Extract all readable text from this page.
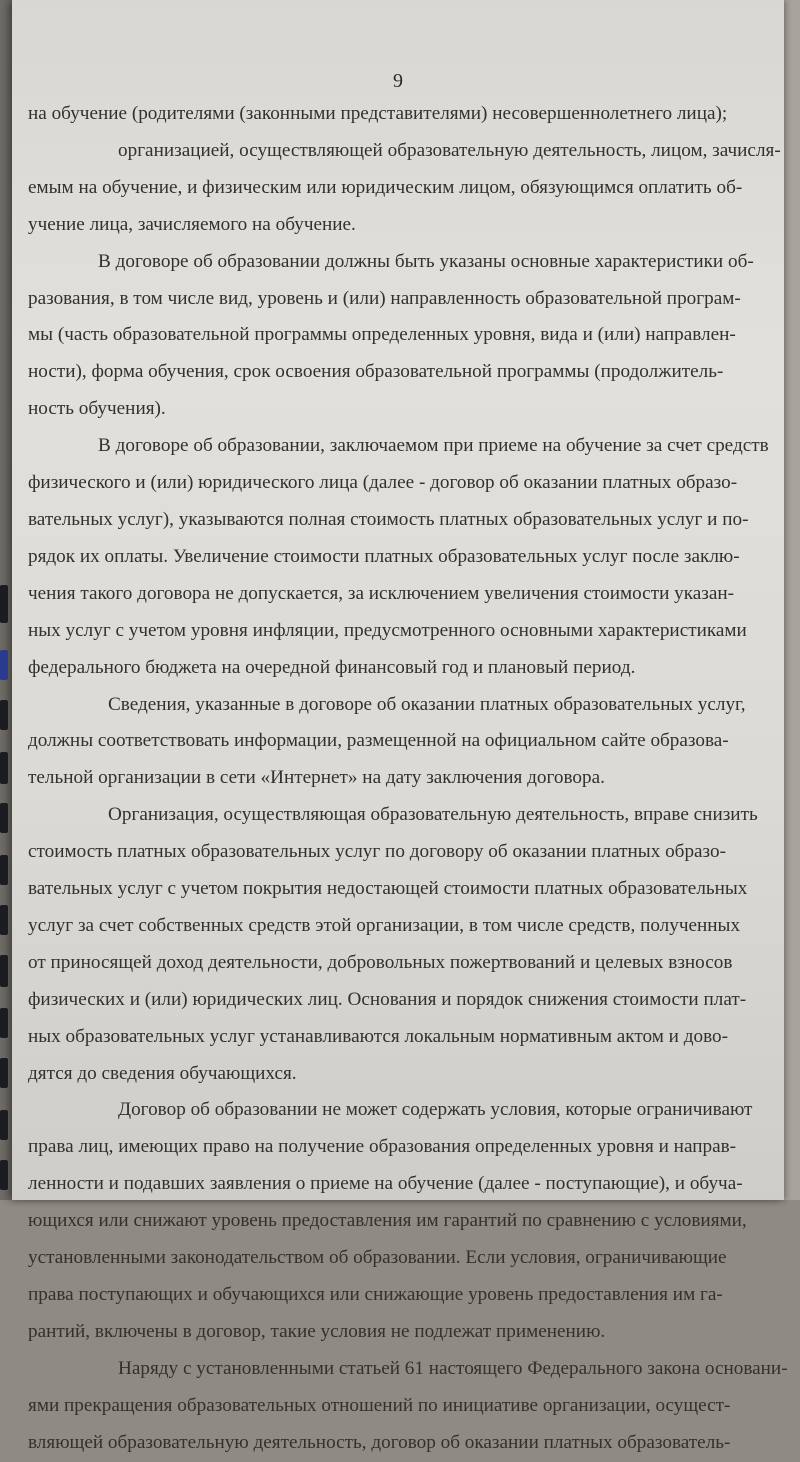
9
на обучение (родителями (законными представителями) несовершеннолетнего лица);
организацией, осуществляющей образовательную деятельность, лицом, зачисля-
емым на обучение, и физическим или юридическим лицом, обязующимся оплатить об-
учение лица, зачисляемого на обучение.
В договоре об образовании должны быть указаны основные характеристики об-
разования, в том числе вид, уровень и (или) направленность образовательной програм-
мы (часть образовательной программы определенных уровня, вида и (или) направлен-
ности), форма обучения, срок освоения образовательной программы (продолжитель-
ность обучения).
В договоре об образовании, заключаемом при приеме на обучение за счет средств
физического и (или) юридического лица (далее - договор об оказании платных образо-
вательных услуг), указываются полная стоимость платных образовательных услуг и по-
рядок их оплаты. Увеличение стоимости платных образовательных услуг после заклю-
чения такого договора не допускается, за исключением увеличения стоимости указан-
ных услуг с учетом уровня инфляции, предусмотренного основными характеристиками
федерального бюджета на очередной финансовый год и плановый период.
Сведения, указанные в договоре об оказании платных образовательных услуг,
должны соответствовать информации, размещенной на официальном сайте образова-
тельной организации в сети «Интернет» на дату заключения договора.
Организация, осуществляющая образовательную деятельность, вправе снизить
стоимость платных образовательных услуг по договору об оказании платных образо-
вательных услуг с учетом покрытия недостающей стоимости платных образовательных
услуг за счет собственных средств этой организации, в том числе средств, полученных
от приносящей доход деятельности, добровольных пожертвований и целевых взносов
физических и (или) юридических лиц. Основания и порядок снижения стоимости плат-
ных образовательных услуг устанавливаются локальным нормативным актом и дово-
дятся до сведения обучающихся.
Договор об образовании не может содержать условия, которые ограничивают
права лиц, имеющих право на получение образования определенных уровня и направ-
ленности и подавших заявления о приеме на обучение (далее - поступающие), и обуча-
ющихся или снижают уровень предоставления им гарантий по сравнению с условиями,
установленными законодательством об образовании. Если условия, ограничивающие
права поступающих и обучающихся или снижающие уровень предоставления им га-
рантий, включены в договор, такие условия не подлежат применению.
Наряду с установленными статьей 61 настоящего Федерального закона основани-
ями прекращения образовательных отношений по инициативе организации, осущест-
вляющей образовательную деятельность, договор об оказании платных образователь-
